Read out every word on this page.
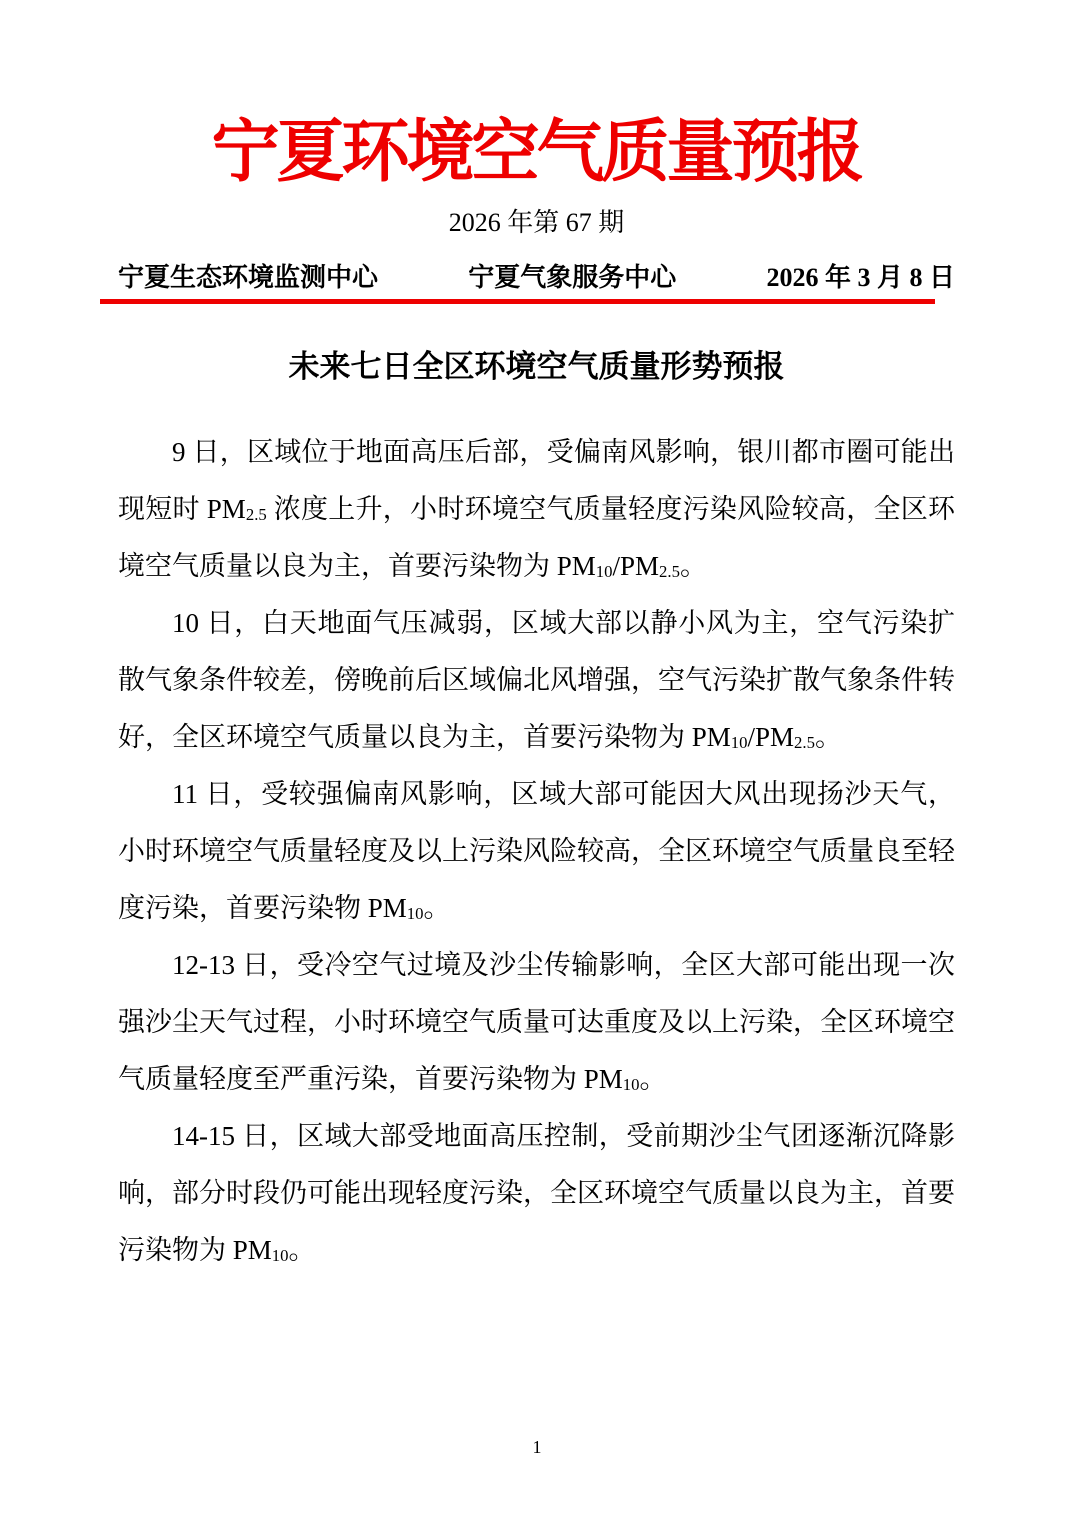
宁夏环境空气质量预报
2026 年第 67 期
宁夏生态环境监测中心	宁夏气象服务中心	2026 年 3 月 8 日
未来七日全区环境空气质量形势预报

9 日，区域位于地面高压后部，受偏南风影响，银川都市圈可能出现短时 $PM_{2.5}$ 浓度上升，小时环境空气质量轻度污染风险较高，全区环境空气质量以良为主，首要污染物为 $PM_{10}/PM_{2.5}$。

10 日，白天地面气压减弱，区域大部以静小风为主，空气污染扩散气象条件较差，傍晚前后区域偏北风增强，空气污染扩散气象条件转好，全区环境空气质量以良为主，首要污染物为 $PM_{10}/PM_{2.5}$。

11 日，受较强偏南风影响，区域大部可能因大风出现扬沙天气，小时环境空气质量轻度及以上污染风险较高，全区环境空气质量良至轻度污染，首要污染物 $PM_{10}$。

12-13 日，受冷空气过境及沙尘传输影响，全区大部可能出现一次强沙尘天气过程，小时环境空气质量可达重度及以上污染，全区环境空气质量轻度至严重污染，首要污染物为 $PM_{10}$。

14-15 日，区域大部受地面高压控制，受前期沙尘气团逐渐沉降影响，部分时段仍可能出现轻度污染，全区环境空气质量以良为主，首要污染物为 $PM_{10}$。

1
